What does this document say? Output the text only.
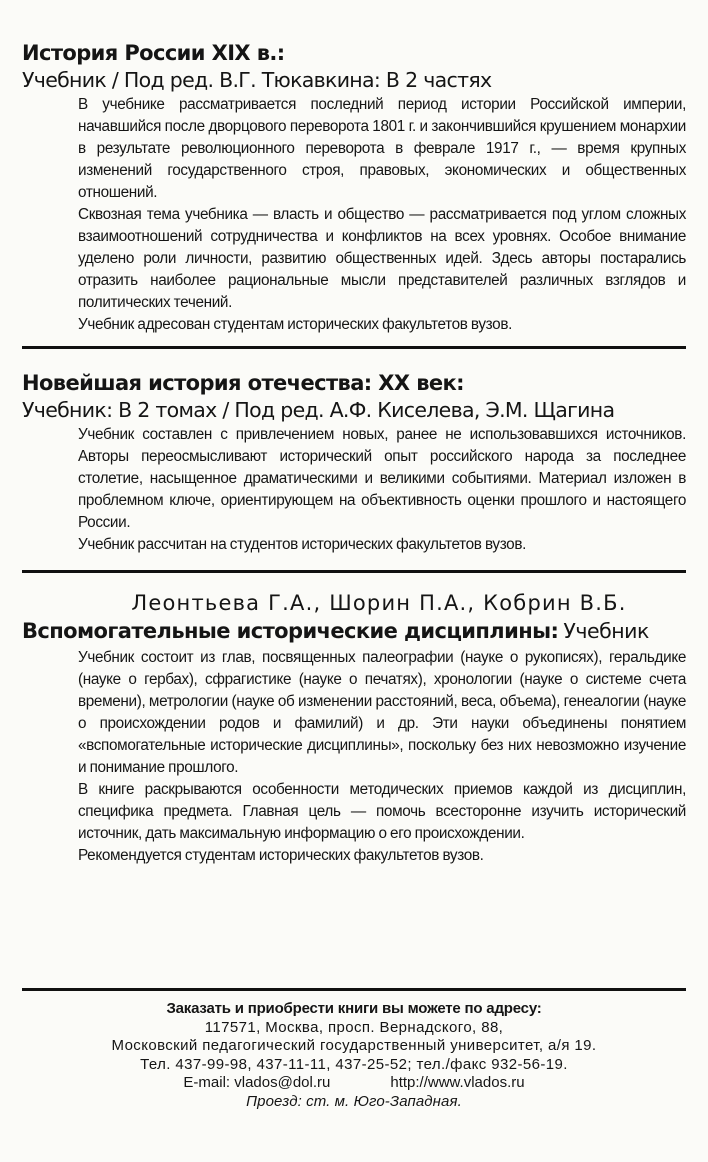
История России XIX в.:

Учебник / Под ред. В.Г. Тюкавкина: В 2 частях

В учебнике рассматривается последний период истории Российской империи, начавшийся после дворцового переворота 1801 г. и закончившийся крушением монархии в результате революционного переворота в феврале 1917 г., — время крупных изменений государственного строя, правовых, экономических и общественных отношений.

Сквозная тема учебника — власть и общество — рассматривается под углом сложных взаимоотношений сотрудничества и конфликтов на всех уровнях. Особое внимание уделено роли личности, развитию общественных идей. Здесь авторы постарались отразить наиболее рациональные мысли представителей различных взглядов и политических течений.

Учебник адресован студентам исторических факультетов вузов.

Новейшая история отечества: XX век:

Учебник: В 2 томах / Под ред. А.Ф. Киселева, Э.М. Щагина

Учебник составлен с привлечением новых, ранее не использовавшихся источников. Авторы переосмысливают исторический опыт российского народа за последнее столетие, насыщенное драматическими и великими событиями. Материал изложен в проблемном ключе, ориентирующем на объективность оценки прошлого и настоящего России.

Учебник рассчитан на студентов исторических факультетов вузов.

Леонтьева Г.А., Шорин П.А., Кобрин В.Б.

Вспомогательные исторические дисциплины: Учебник

Учебник состоит из глав, посвященных палеографии (науке о рукописях), геральдике (науке о гербах), сфрагистике (науке о печатях), хронологии (науке о системе счета времени), метрологии (науке об изменении расстояний, веса, объема), генеалогии (науке о происхождении родов и фамилий) и др. Эти науки объединены понятием «вспомогательные исторические дисциплины», поскольку без них невозможно изучение и понимание прошлого.

В книге раскрываются особенности методических приемов каждой из дисциплин, специфика предмета. Главная цель — помочь всесторонне изучить исторический источник, дать максимальную информацию о его происхождении.

Рекомендуется студентам исторических факультетов вузов.

Заказать и приобрести книги вы можете по адресу:

117571, Москва, просп. Вернадского, 88,

Московский педагогический государственный университет, а/я 19.

Тел. 437-99-98, 437-11-11, 437-25-52; тел./факс 932-56-19.

E-mail: vlados@dol.ru	http://www.vlados.ru

Проезд: ст. м. Юго-Западная.
